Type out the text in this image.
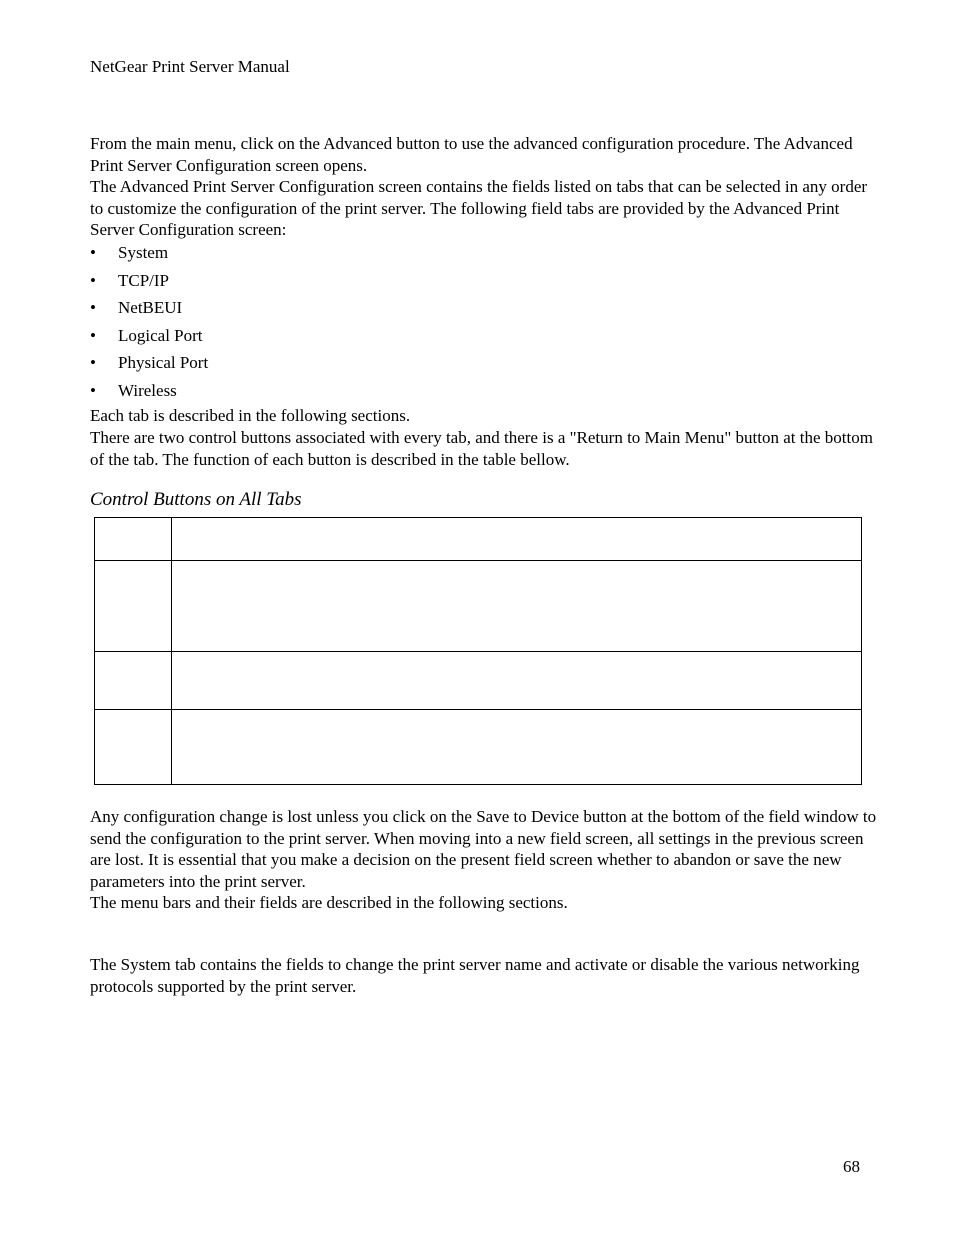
NetGear Print Server Manual
From the main menu, click on the Advanced button to use the advanced configuration procedure. The Advanced Print Server Configuration screen opens.
The Advanced Print Server Configuration screen contains the fields listed on tabs that can be selected in any order to customize the configuration of the print server. The following field tabs are provided by the Advanced Print Server Configuration screen:
• System
• TCP/IP
• NetBEUI
• Logical Port
• Physical Port
• Wireless
Each tab is described in the following sections.
There are two control buttons associated with every tab, and there is a "Return to Main Menu" button at the bottom of the tab. The function of each button is described in the table bellow.
Control Buttons on All Tabs

Any configuration change is lost unless you click on the Save to Device button at the bottom of the field window to send the configuration to the print server. When moving into a new field screen, all settings in the previous screen are lost. It is essential that you make a decision on the present field screen whether to abandon or save the new parameters into the print server.
The menu bars and their fields are described in the following sections.
The System tab contains the fields to change the print server name and activate or disable the various networking protocols supported by the print server.
68
